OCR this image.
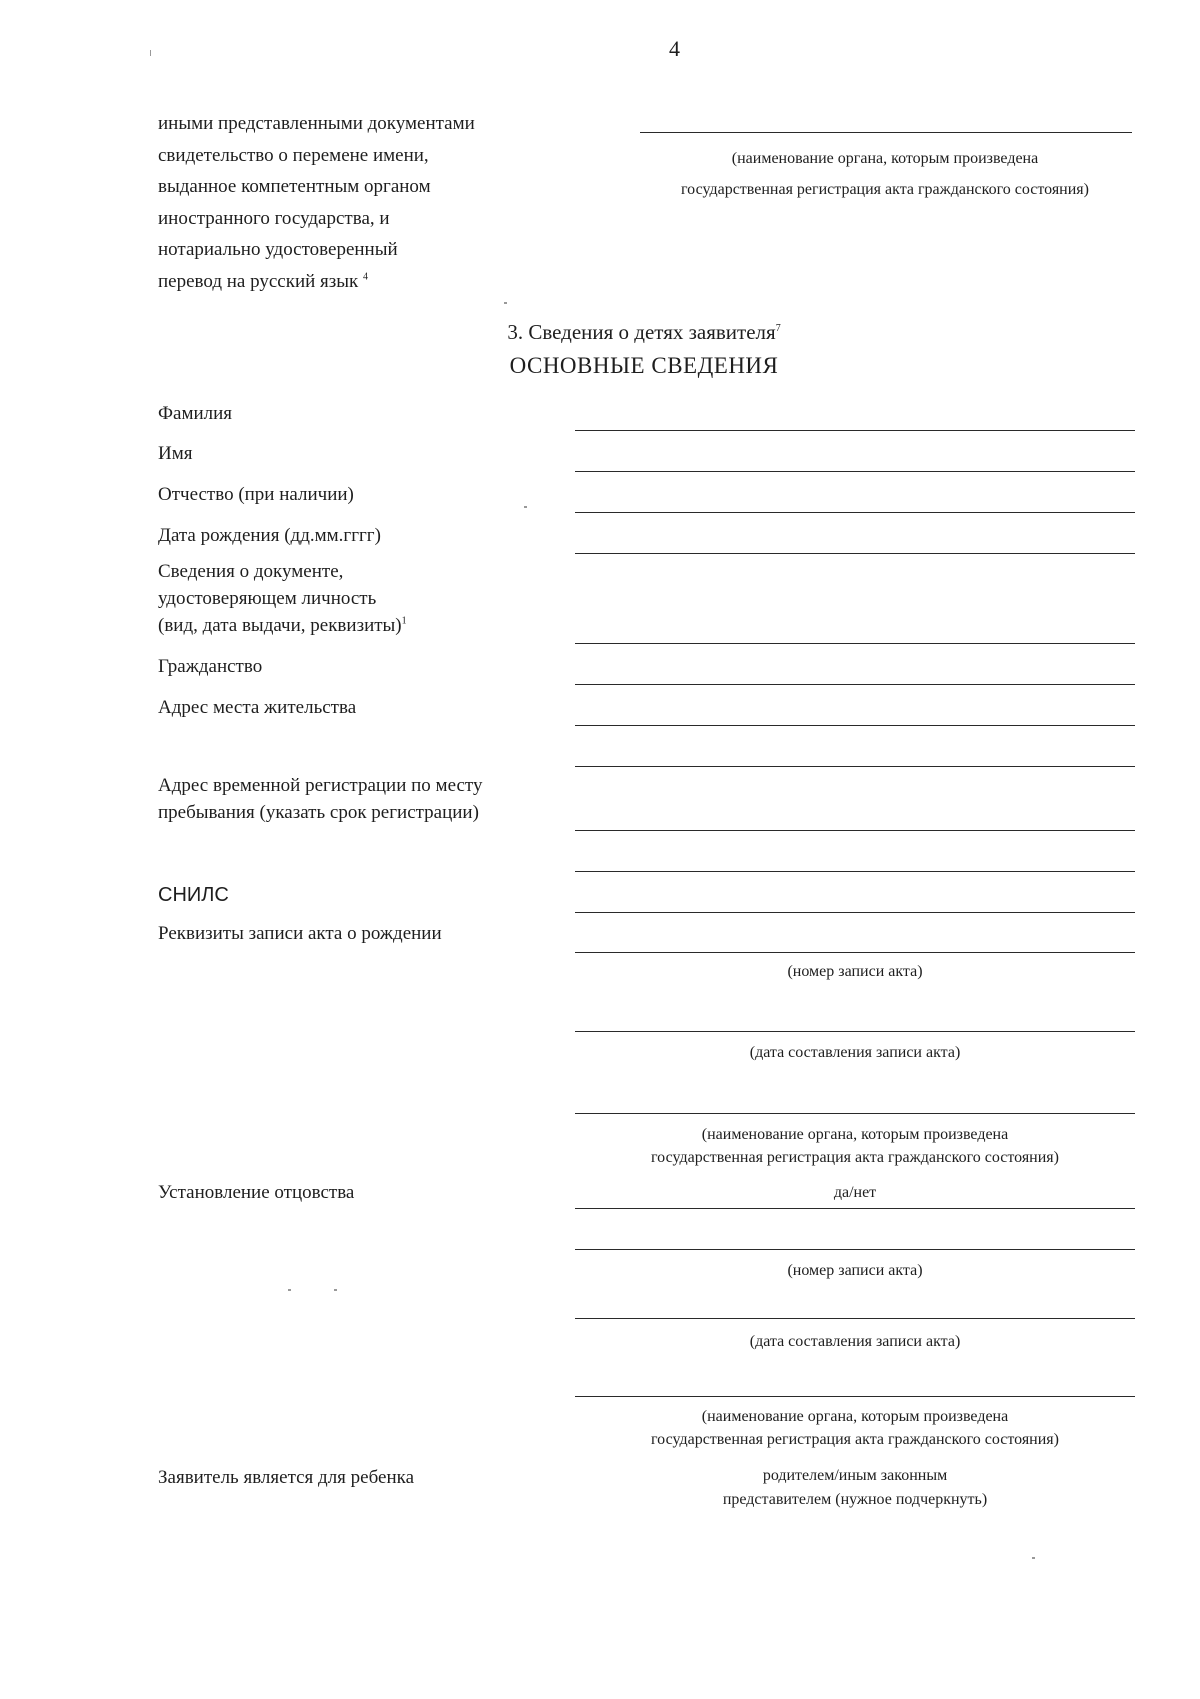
4
иными представленными документами
свидетельство о перемене имени,
выданное компетентным органом
иностранного государства, и
нотариально удостоверенный
перевод на русский язык $^4$
(наименование органа, которым произведена
государственная регистрация акта гражданского состояния)
3. Сведения о детях заявителя$^7$
ОСНОВНЫЕ СВЕДЕНИЯ
Фамилия
Имя
Отчество (при наличии)
Дата рождения (дд.мм.гггг)
Сведения о документе,
удостоверяющем личность
(вид, дата выдачи, реквизиты)$^1$
Гражданство
Адрес места жительства
Адрес временной регистрации по месту
пребывания (указать срок регистрации)
СНИЛС
Реквизиты записи акта о рождении
(номер записи акта)
(дата составления записи акта)
(наименование органа, которым произведена
государственная регистрация акта гражданского состояния)
Установление отцовства	да/нет
(номер записи акта)
(дата составления записи акта)
(наименование органа, которым произведена
государственная регистрация акта гражданского состояния)
Заявитель является для ребенка	родителем/иным законным
представителем (нужное подчеркнуть)
